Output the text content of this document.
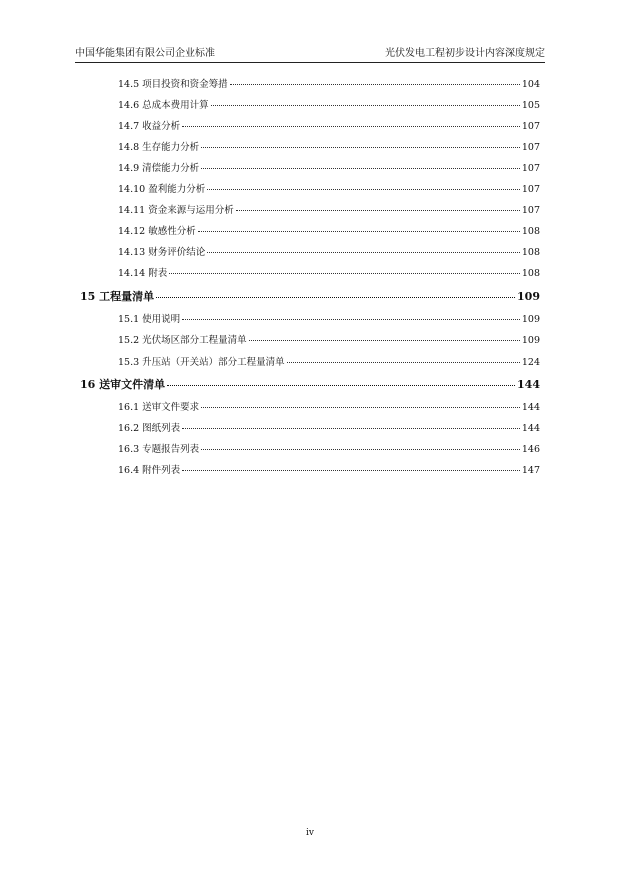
中国华能集团有限公司企业标准	光伏发电工程初步设计内容深度规定
14.5 项目投资和资金筹措	104
14.6 总成本费用计算	105
14.7 收益分析	107
14.8 生存能力分析	107
14.9 清偿能力分析	107
14.10 盈利能力分析	107
14.11 资金来源与运用分析	107
14.12 敏感性分析	108
14.13 财务评价结论	108
14.14 附表	108
15 工程量清单	109
15.1 使用说明	109
15.2 光伏场区部分工程量清单	109
15.3 升压站（开关站）部分工程量清单	124
16 送审文件清单	144
16.1 送审文件要求	144
16.2 图纸列表	144
16.3 专题报告列表	146
16.4 附件列表	147
iv
